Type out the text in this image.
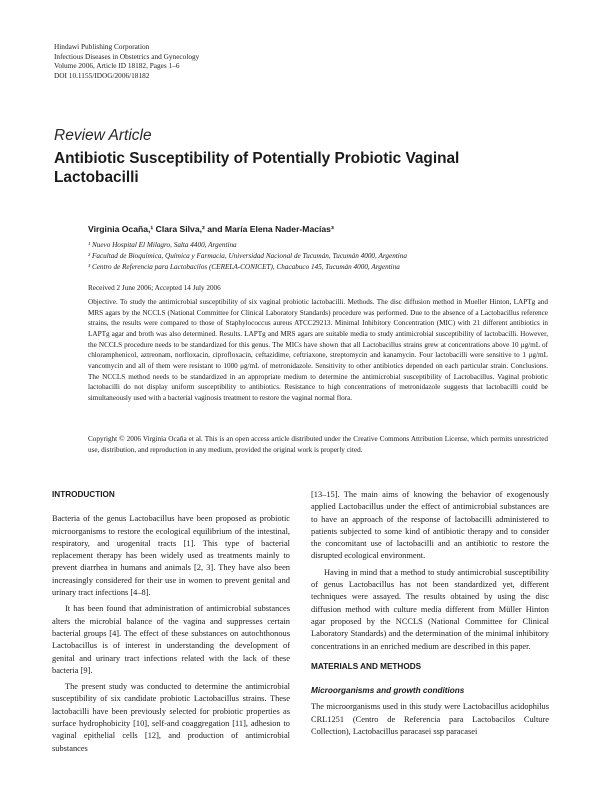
Hindawi Publishing Corporation
Infectious Diseases in Obstetrics and Gynecology
Volume 2006, Article ID 18182, Pages 1–6
DOI 10.1155/IDOG/2006/18182
Review Article
Antibiotic Susceptibility of Potentially Probiotic Vaginal Lactobacilli
Virginia Ocaña,¹ Clara Silva,² and María Elena Nader-Macías³
¹ Nuevo Hospital El Milagro, Salta 4400, Argentina
² Facultad de Bioquímica, Química y Farmacia, Universidad Nacional de Tucumán, Tucumán 4000, Argentina
³ Centro de Referencia para Lactobacilos (CERELA-CONICET), Chacabuco 145, Tucumán 4000, Argentina
Received 2 June 2006; Accepted 14 July 2006
Objective. To study the antimicrobial susceptibility of six vaginal probiotic lactobacilli. Methods. The disc diffusion method in Mueller Hinton, LAPTg and MRS agars by the NCCLS (National Committee for Clinical Laboratory Standards) procedure was performed. Due to the absence of a Lactobacillus reference strains, the results were compared to those of Staphylococcus aureus ATCC29213. Minimal Inhibitory Concentration (MIC) with 21 different antibiotics in LAPTg agar and broth was also determined. Results. LAPTg and MRS agars are suitable media to study antimicrobial susceptibility of lactobacilli. However, the NCCLS procedure needs to be standardized for this genus. The MICs have shown that all Lactobacillus strains grew at concentrations above 10 μg/mL of chloramphenicol, aztreonam, norfloxacin, ciprofloxacin, ceftazidime, ceftriaxone, streptomycin and kanamycin. Four lactobacilli were sensitive to 1 μg/mL vancomycin and all of them were resistant to 1000 μg/mL of metronidazole. Sensitivity to other antibiotics depended on each particular strain. Conclusions. The NCCLS method needs to be standardized in an appropriate medium to determine the antimicrobial susceptibility of Lactobacillus. Vaginal probiotic lactobacilli do not display uniform susceptibility to antibiotics. Resistance to high concentrations of metronidazole suggests that lactobacilli could be simultaneously used with a bacterial vaginosis treatment to restore the vaginal normal flora.
Copyright © 2006 Virginia Ocaña et al. This is an open access article distributed under the Creative Commons Attribution License, which permits unrestricted use, distribution, and reproduction in any medium, provided the original work is properly cited.
INTRODUCTION

Bacteria of the genus Lactobacillus have been proposed as probiotic microorganisms to restore the ecological equilibrium of the intestinal, respiratory, and urogenital tracts [1]. This type of bacterial replacement therapy has been widely used as treatments mainly to prevent diarrhea in humans and animals [2, 3]. They have also been increasingly considered for their use in women to prevent genital and urinary tract infections [4–8].

It has been found that administration of antimicrobial substances alters the microbial balance of the vagina and suppresses certain bacterial groups [4]. The effect of these substances on autochthonous Lactobacillus is of interest in understanding the development of genital and urinary tract infections related with the lack of these bacteria [9].

The present study was conducted to determine the antimicrobial susceptibility of six candidate probiotic Lactobacillus strains. These lactobacilli have been previously selected for probiotic properties as surface hydrophobicity [10], self-and coaggregation [11], adhesion to vaginal epithelial cells [12], and production of antimicrobial substances

[13–15]. The main aims of knowing the behavior of exogenously applied Lactobacillus under the effect of antimicrobial substances are to have an approach of the response of lactobacilli administered to patients subjected to some kind of antibiotic therapy and to consider the concomitant use of lactobacilli and an antibiotic to restore the disrupted ecological environment.

Having in mind that a method to study antimicrobial susceptibility of genus Lactobacillus has not been standardized yet, different techniques were assayed. The results obtained by using the disc diffusion method with culture media different from Müller Hinton agar proposed by the NCCLS (National Committee for Clinical Laboratory Standards) and the determination of the minimal inhibitory concentrations in an enriched medium are described in this paper.

MATERIALS AND METHODS
Microorganisms and growth conditions

The microorganisms used in this study were Lactobacillus acidophilus CRL1251 (Centro de Referencia para Lactobacilos Culture Collection), Lactobacillus paracasei ssp paracasei
